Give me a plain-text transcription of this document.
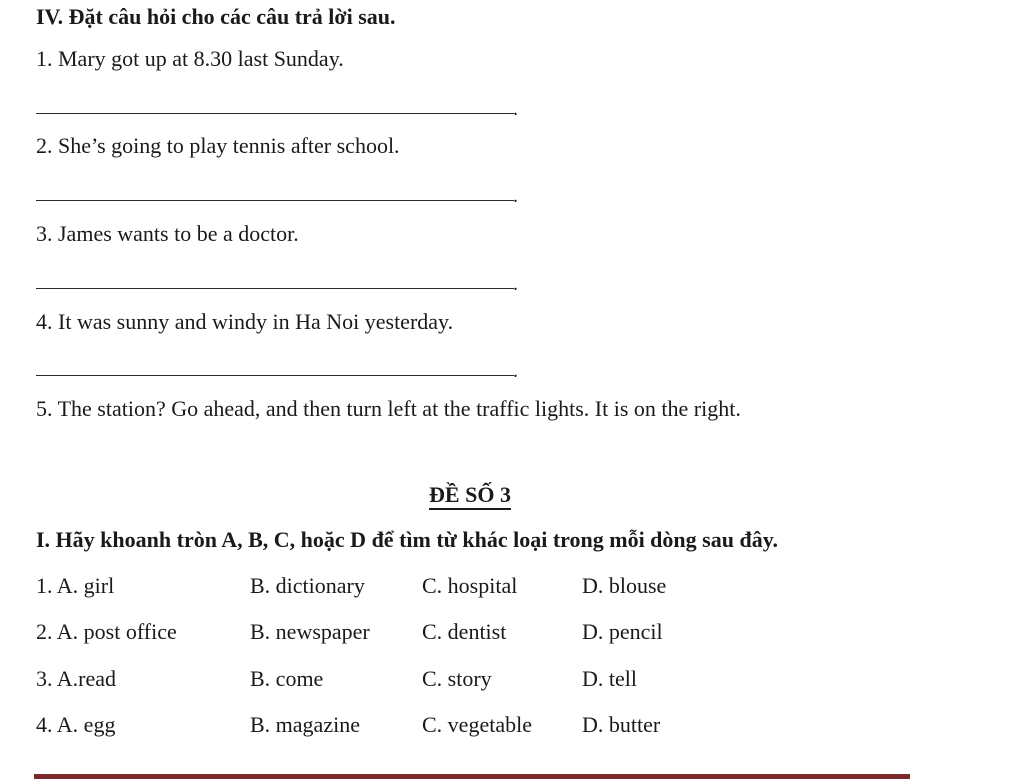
IV. Đặt câu hỏi cho các câu trả lời sau.
1. Mary got up at 8.30 last Sunday.
.
2. She’s going to play tennis after school.
.
3. James wants to be a doctor.
.
4. It was sunny and windy in Ha Noi yesterday.
.
5. The station? Go ahead, and then turn left at the traffic lights. It is on the right.
ĐỀ SỐ 3
I. Hãy khoanh tròn A, B, C, hoặc D để tìm từ khác loại trong mỗi dòng sau đây.
1. A. girl	B. dictionary	C. hospital	D. blouse
2. A. post office	B. newspaper C. dentist	D. pencil
3. A.read	B. come	C. story	D. tell
4. A. egg	B. magazine	C. vegetable D. butter
